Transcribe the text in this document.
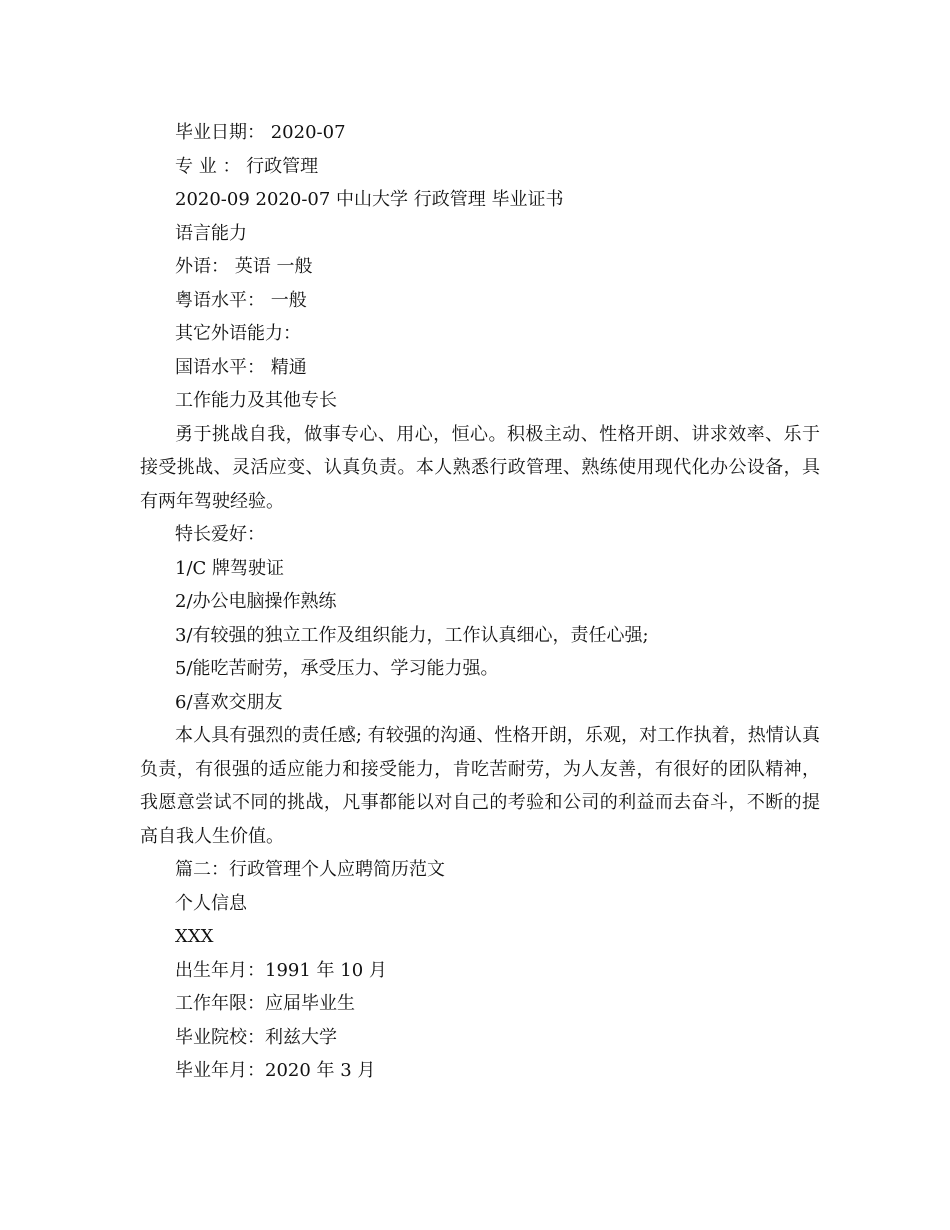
毕业日期： 2020-07

专 业 ： 行政管理

2020-09 2020-07 中山大学 行政管理 毕业证书

语言能力

外语： 英语 一般

粤语水平： 一般

其它外语能力：

国语水平： 精通

工作能力及其他专长

勇于挑战自我，做事专心、用心，恒心。积极主动、性格开朗、讲求效率、乐于接受挑战、灵活应变、认真负责。本人熟悉行政管理、熟练使用现代化办公设备，具有两年驾驶经验。

特长爱好：

1/C 牌驾驶证

2/办公电脑操作熟练

3/有较强的独立工作及组织能力，工作认真细心，责任心强;

5/能吃苦耐劳，承受压力、学习能力强。

6/喜欢交朋友

本人具有强烈的责任感; 有较强的沟通、性格开朗，乐观，对工作执着，热情认真负责，有很强的适应能力和接受能力，肯吃苦耐劳，为人友善，有很好的团队精神，我愿意尝试不同的挑战，凡事都能以对自己的考验和公司的利益而去奋斗，不断的提高自我人生价值。

篇二：行政管理个人应聘简历范文

个人信息

XXX

出生年月：1991 年 10 月

工作年限：应届毕业生

毕业院校：利兹大学

毕业年月：2020 年 3 月
